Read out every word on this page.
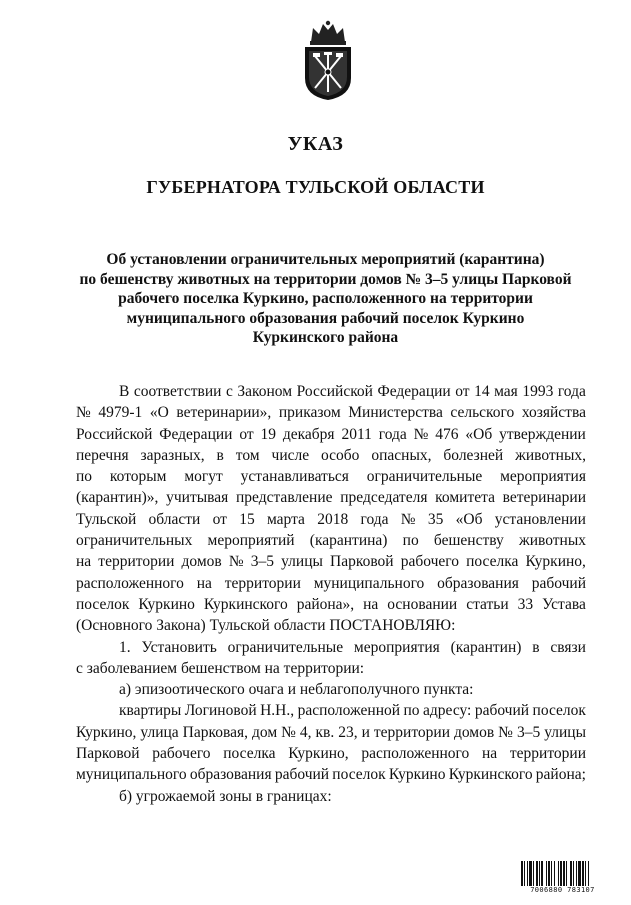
УКАЗ
ГУБЕРНАТОРА ТУЛЬСКОЙ ОБЛАСТИ
Об установлении ограничительных мероприятий (карантина)
по бешенству животных на территории домов № 3–5 улицы Парковой
рабочего поселка Куркино, расположенного на территории
муниципального образования рабочий поселок Куркино
Куркинского района
В соответствии с Законом Российской Федерации от 14 мая 1993 года
№ 4979-1 «О ветеринарии», приказом Министерства сельского хозяйства
Российской Федерации от 19 декабря 2011 года № 476 «Об утверждении
перечня заразных, в том числе особо опасных, болезней животных,
по которым могут устанавливаться ограничительные мероприятия
(карантин)», учитывая представление председателя комитета ветеринарии
Тульской области от 15 марта 2018 года № 35 «Об установлении
ограничительных мероприятий (карантина) по бешенству животных
на территории домов № 3–5 улицы Парковой рабочего поселка Куркино,
расположенного на территории муниципального образования рабочий
поселок Куркино Куркинского района», на основании статьи 33 Устава
(Основного Закона) Тульской области ПОСТАНОВЛЯЮ:
1. Установить ограничительные мероприятия (карантин) в связи
с заболеванием бешенством на территории:
а) эпизоотического очага и неблагополучного пункта:
квартиры Логиновой Н.Н., расположенной по адресу: рабочий поселок
Куркино, улица Парковая, дом № 4, кв. 23, и территории домов № 3–5 улицы
Парковой рабочего поселка Куркино, расположенного на территории
муниципального образования рабочий поселок Куркино Куркинского района;
б) угрожаемой зоны в границах:
7006880 783107
